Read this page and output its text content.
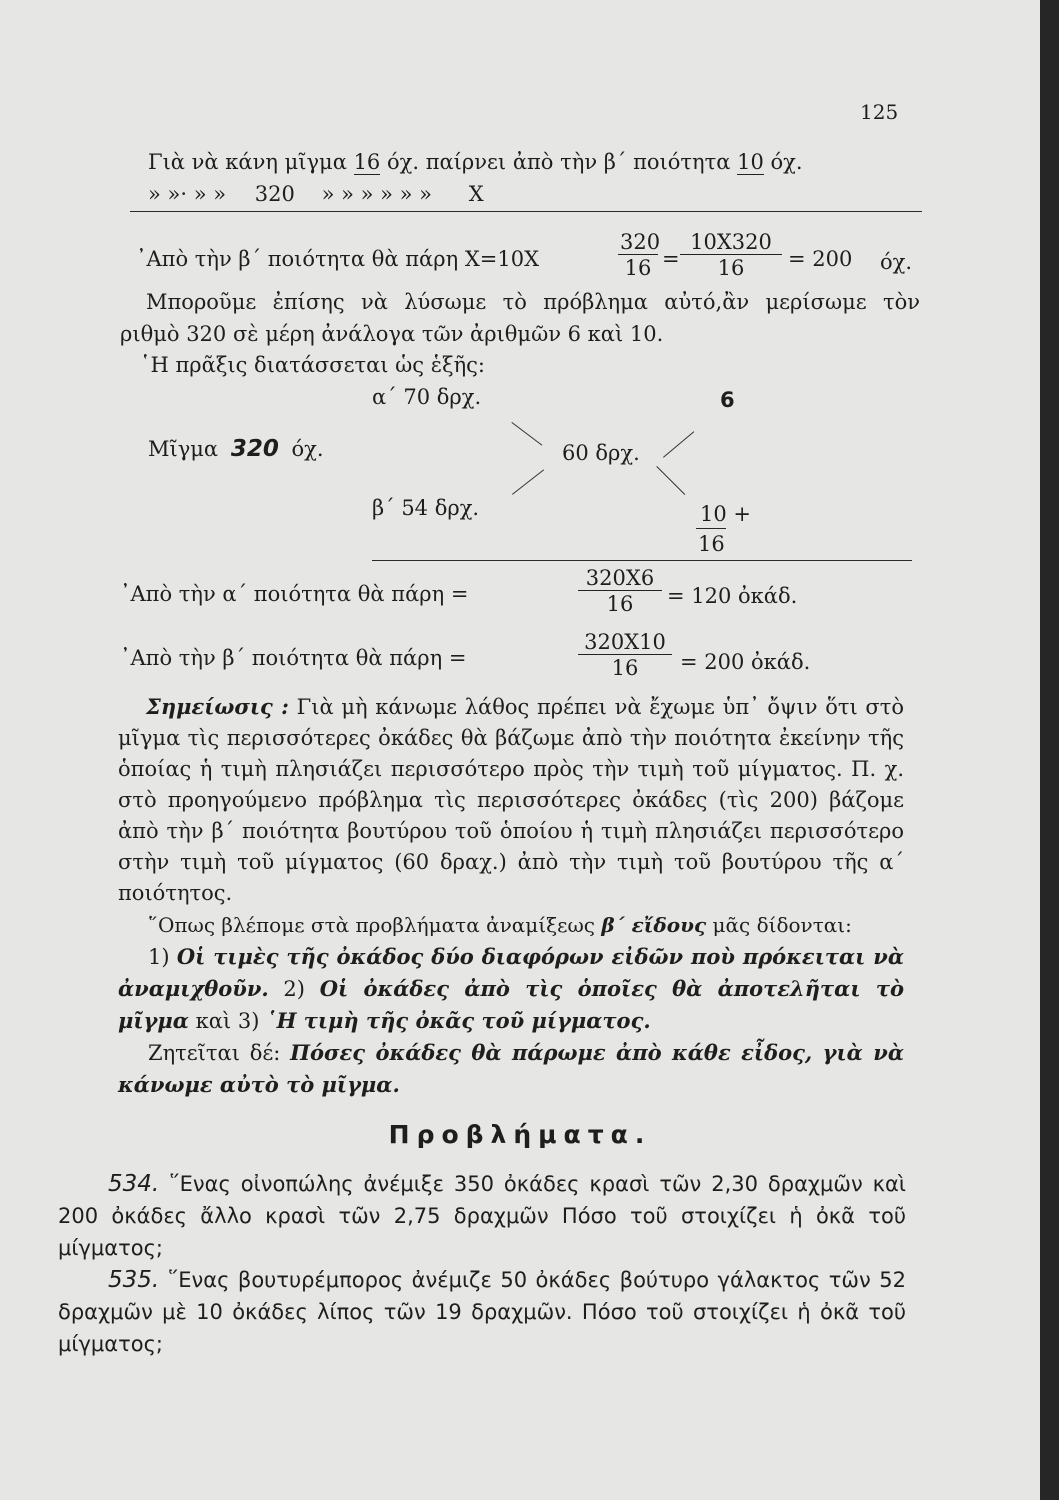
125
Γιὰ νὰ κάνη μῖγμα 16 όχ. παίρνει ἀπὸ τὴν β΄ ποιότητα 10 όχ.
» »· » » 320 » » » » » » X
᾿Απὸ τὴν β΄ ποιότητα θὰ πάρη X=10X	$\frac{320}{16} = \frac{10X320}{16} = 200$ όχ.
Μποροῦμε ἐπίσης νὰ λύσωμε τὸ πρόβλημα αὐτό,ἂν μερίσωμε τὸν
ριθμὸ 320 σὲ μέρη ἀνάλογα τῶν ἀριθμῶν 6 καὶ 10.
῾Η πρᾶξις διατάσσεται ὡς ἑξῆς:
α΄ 70 δρχ.	6
Μῖγμα 320 όχ.	60 δρχ.
β΄ 54 δρχ.	10 +
16
᾿Απὸ τὴν α΄ ποιότητα θὰ πάρη =	$\frac{320X6}{16} = 120$ ὀκάδ.
᾿Απὸ τὴν β΄ ποιότητα θὰ πάρη =	$\frac{320X10}{16} = 200$ ὀκάδ.

Σημείωσις : Γιὰ μὴ κάνωμε λάθος πρέπει νὰ ἔχωμε ὑπ᾿ ὄψιν ὅτι στὸ μῖγμα τὶς περισσότερες ὀκάδες θὰ βάζωμε ἀπὸ τὴν ποιότητα ἐκείνην τῆς ὁποίας ἡ τιμὴ πλησιάζει περισσότερο πρὸς τὴν τιμὴ τοῦ μίγματος. Π. χ. στὸ προηγούμενο πρόβλημα τὶς περισσότερες ὀκάδες (τὶς 200) βάζομε ἀπὸ τὴν β΄ ποιότητα βουτύρου τοῦ ὁποίου ἡ τιμὴ πλησιάζει περισσότερο στὴν τιμὴ τοῦ μίγματος (60 δραχ.) ἀπὸ τὴν τιμὴ τοῦ βουτύρου τῆς α΄ ποιότητος.

῞Οπως βλέπομε στὰ προβλήματα ἀναμίξεως β΄ εἴδους μᾶς δίδονται:

1) Οἱ τιμὲς τῆς ὀκάδος δύο διαφόρων εἰδῶν ποὺ πρόκειται νὰ ἀναμιχθοῦν. 2) Οἱ ὀκάδες ἀπὸ τὶς ὁποῖες θὰ ἀποτελῆται τὸ μῖγμα καὶ 3) ῾Η τιμὴ τῆς ὀκᾶς τοῦ μίγματος.

Ζητεῖται δέ: Πόσες ὀκάδες θὰ πάρωμε ἀπὸ κάθε εἶδος, γιὰ νὰ κάνωμε αὐτὸ τὸ μῖγμα.

Προβλήματα.

534. ῞Ενας οἰνοπώλης ἀνέμιξε 350 ὀκάδες κρασὶ τῶν 2,30 δραχμῶν καὶ 200 ὀκάδες ἄλλο κρασὶ τῶν 2,75 δραχμῶν Πόσο τοῦ στοιχίζει ἡ ὀκᾶ τοῦ μίγματος;

535. ῞Ενας βουτυρέμπορος ἀνέμιζε 50 ὀκάδες βούτυρο γάλακτος τῶν 52 δραχμῶν μὲ 10 ὀκάδες λίπος τῶν 19 δραχμῶν. Πόσο τοῦ στοιχίζει ἡ ὀκᾶ τοῦ μίγματος;
